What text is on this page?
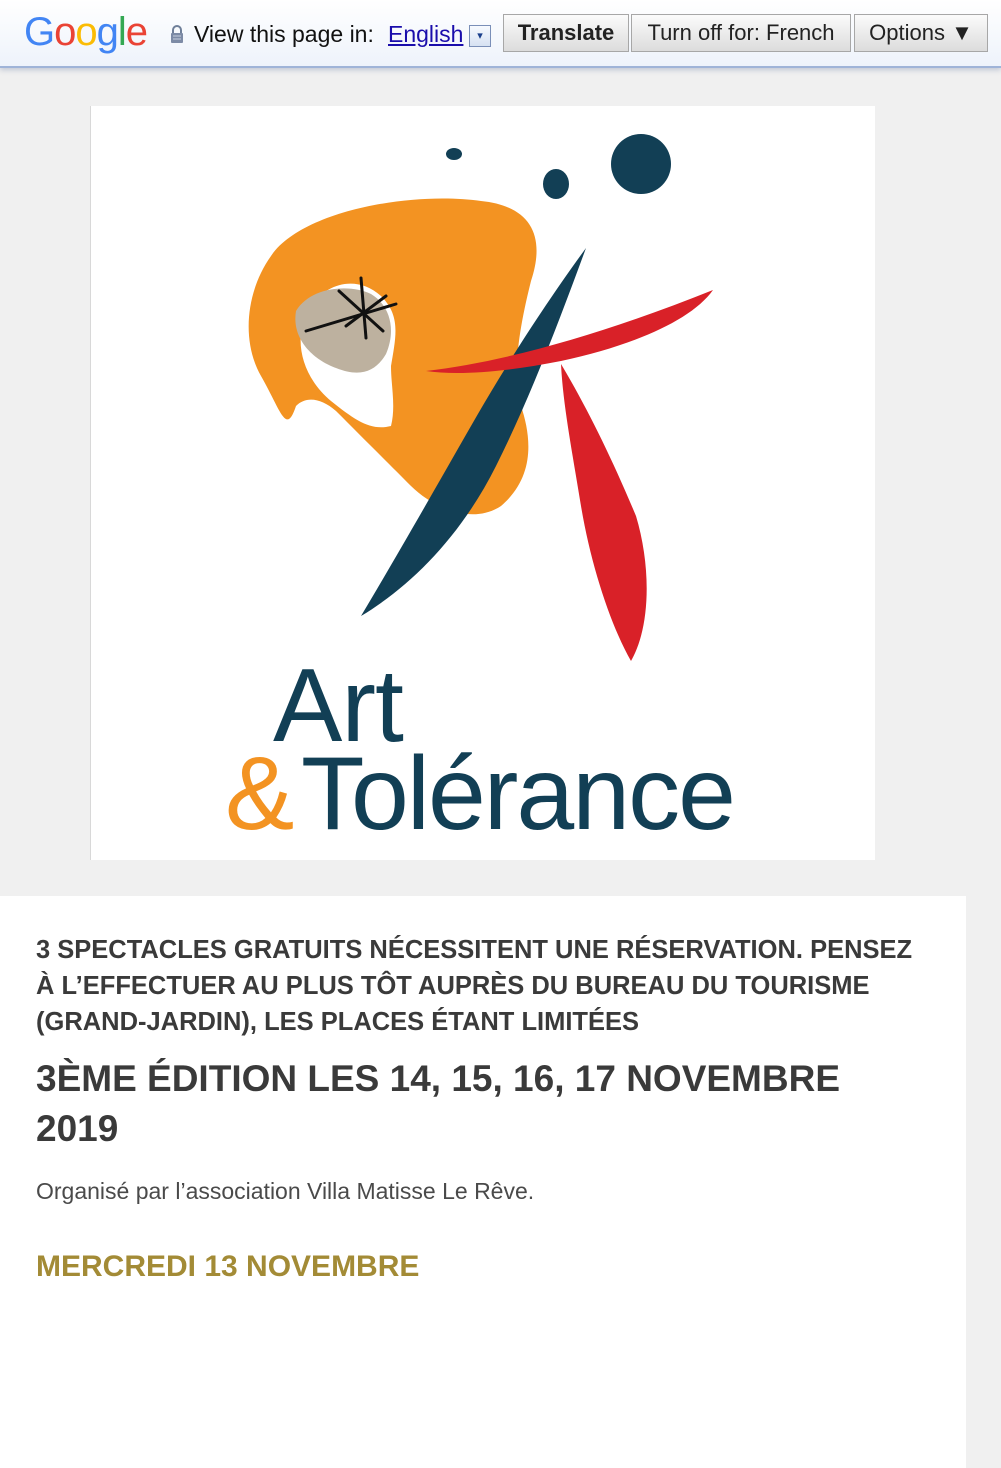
Google View this page in: English	▾	Translate	Turn off for: French	Options ▼
Art
& Tolérance

3 SPECTACLES GRATUITS NÉCESSITENT UNE RÉSERVATION. PENSEZ À L’EFFECTUER AU PLUS TÔT AUPRÈS DU BUREAU DU TOURISME (GRAND-JARDIN), LES PLACES ÉTANT LIMITÉES

3ÈME ÉDITION LES 14, 15, 16, 17 NOVEMBRE 2019

Organisé par l’association Villa Matisse Le Rêve.

MERCREDI 13 NOVEMBRE
